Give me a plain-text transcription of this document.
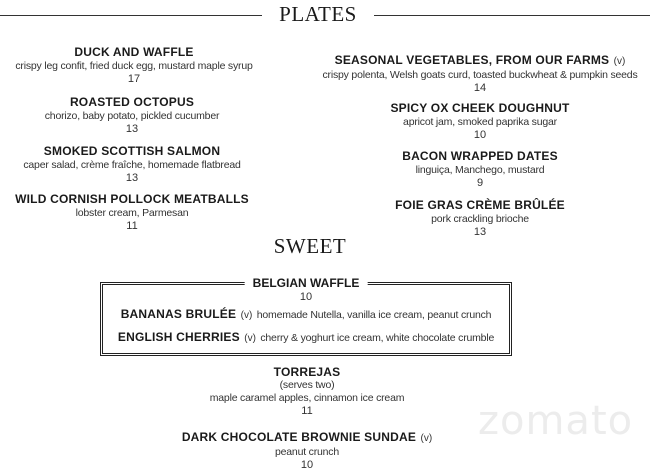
zomato
PLATES
DUCK AND WAFFLE
crispy leg confit, fried duck egg, mustard maple syrup
17
ROASTED OCTOPUS
chorizo, baby potato, pickled cucumber
13
SMOKED SCOTTISH SALMON
caper salad, crème fraîche, homemade flatbread
13
WILD CORNISH POLLOCK MEATBALLS
lobster cream, Parmesan
11
SEASONAL VEGETABLES, FROM OUR FARMS (v)
crispy polenta, Welsh goats curd, toasted buckwheat & pumpkin seeds
14
SPICY OX CHEEK DOUGHNUT
apricot jam, smoked paprika sugar
10
BACON WRAPPED DATES
linguiça, Manchego, mustard
9
FOIE GRAS CRÈME BRÛLÉE
pork crackling brioche
13
SWEET
BELGIAN WAFFLE
10
BANANAS BRULÉE (v) homemade Nutella, vanilla ice cream, peanut crunch
ENGLISH CHERRIES (v) cherry & yoghurt ice cream, white chocolate crumble
TORREJAS
(serves two)
maple caramel apples, cinnamon ice cream
11
DARK CHOCOLATE BROWNIE SUNDAE (v)
peanut crunch
10
